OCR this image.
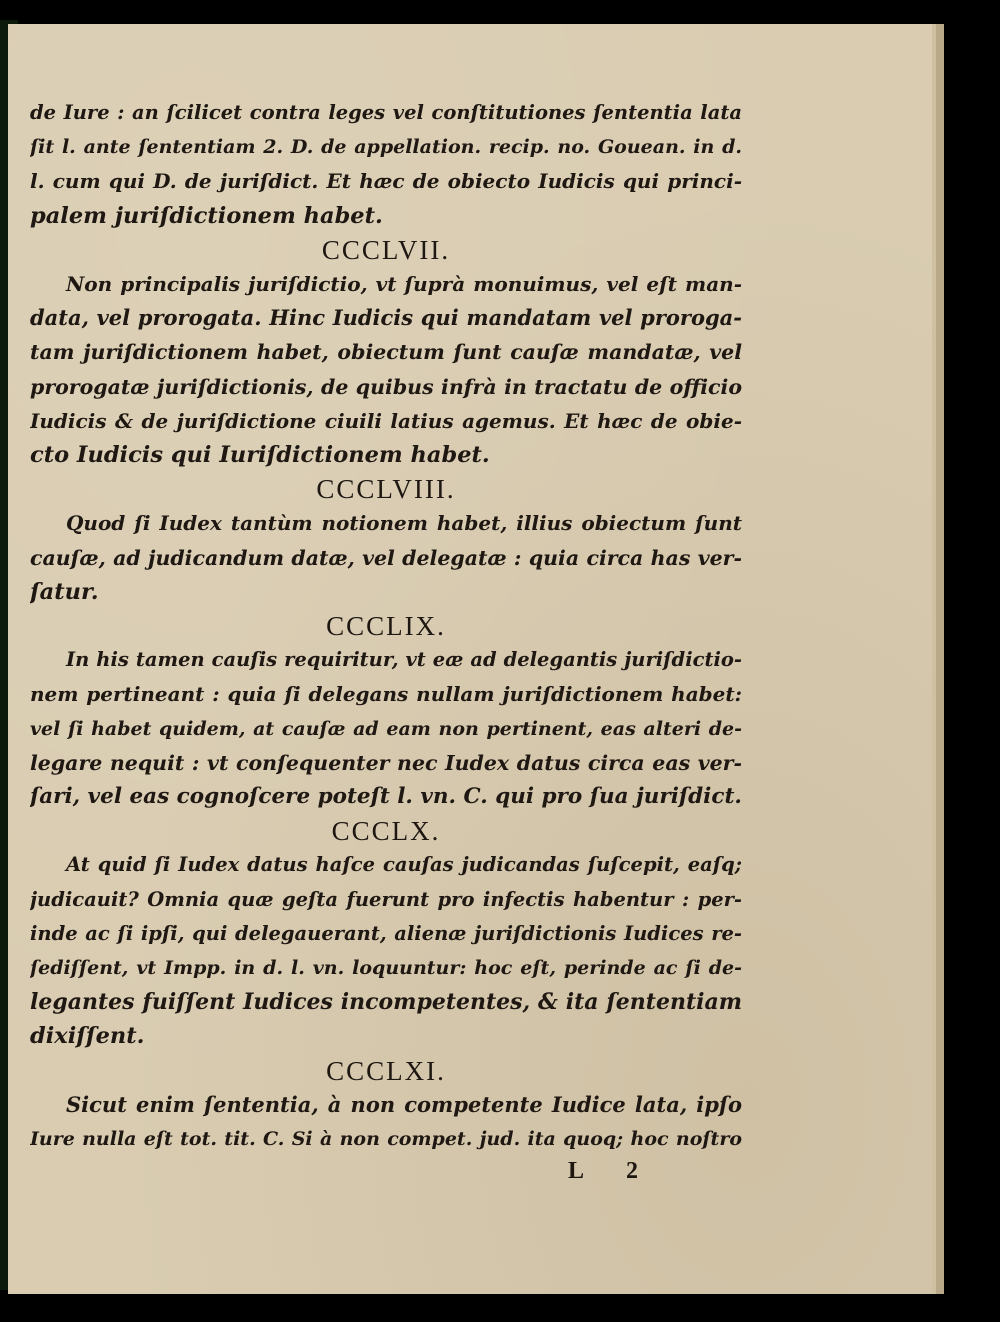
de Iure : an ſcilicet contra leges vel conſtitutiones ſententia lata
ſit l. ante ſententiam 2. D. de appellation. recip. no. Gouean. in d.
l. cum qui D. de juriſdict. Et hæc de obiecto Iudicis qui princi-
palem juriſdictionem habet.
CCCLVII.
Non principalis juriſdictio, vt ſuprà monuimus, vel eſt man-
data, vel prorogata. Hinc Iudicis qui mandatam vel proroga-
tam juriſdictionem habet, obiectum ſunt cauſæ mandatæ, vel
prorogatæ juriſdictionis, de quibus infrà in tractatu de officio
Iudicis & de juriſdictione ciuili latius agemus. Et hæc de obie-
cto Iudicis qui Iuriſdictionem habet.
CCCLVIII.
Quod ſi Iudex tantùm notionem habet, illius obiectum ſunt
cauſæ, ad judicandum datæ, vel delegatæ : quia circa has ver-
ſatur.
CCCLIX.
In his tamen cauſis requiritur, vt eæ ad delegantis juriſdictio-
nem pertineant : quia ſi delegans nullam juriſdictionem habet:
vel ſi habet quidem, at cauſæ ad eam non pertinent, eas alteri de-
legare nequit : vt conſequenter nec Iudex datus circa eas ver-
ſari, vel eas cognoſcere poteſt l. vn. C. qui pro ſua juriſdict.
CCCLX.
At quid ſi Iudex datus haſce cauſas judicandas ſuſcepit, eaſq;
judicauit? Omnia quæ geſta fuerunt pro infectis habentur : per-
inde ac ſi ipſi, qui delegauerant, alienæ juriſdictionis Iudices re-
ſediſſent, vt Impp. in d. l. vn. loquuntur: hoc eſt, perinde ac ſi de-
legantes fuiſſent Iudices incompetentes, & ita ſententiam
dixiſſent.
CCCLXI.
Sicut enim ſententia, à non competente Iudice lata, ipſo
Iure nulla eſt tot. tit. C. Si à non compet. jud. ita quoq; hoc noſtro
L 2
